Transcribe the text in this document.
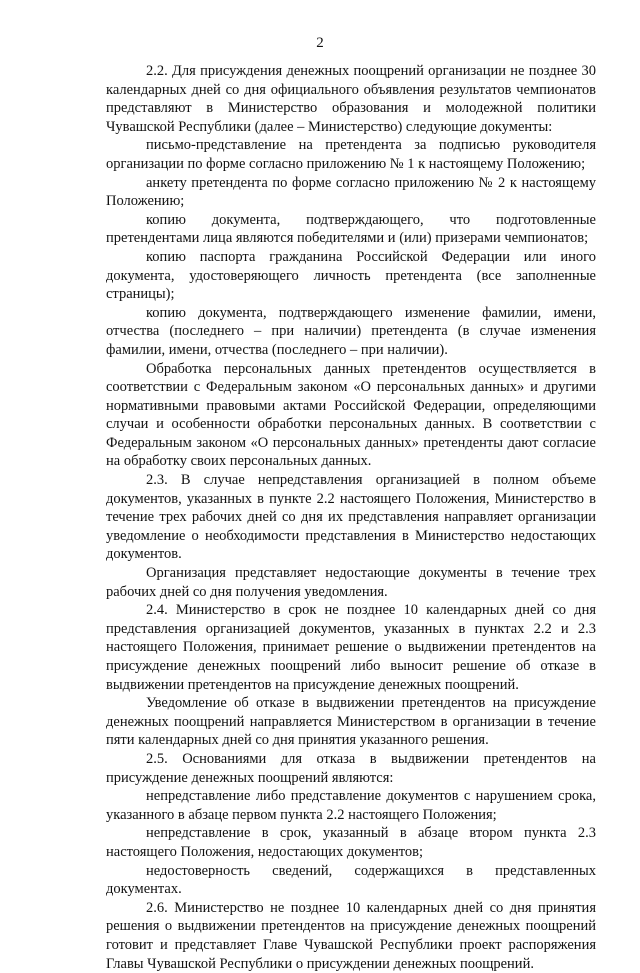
2

2.2. Для присуждения денежных поощрений организации не позднее 30 календарных дней со дня официального объявления результатов чемпионатов представляют в Министерство образования и молодежной политики Чувашской Республики (далее – Министерство) следующие документы:

письмо-представление на претендента за подписью руководителя организации по форме согласно приложению № 1 к настоящему Положению;

анкету претендента по форме согласно приложению № 2 к настоящему Положению;

копию документа, подтверждающего, что подготовленные претендентами лица являются победителями и (или) призерами чемпионатов;

копию паспорта гражданина Российской Федерации или иного документа, удостоверяющего личность претендента (все заполненные страницы);

копию документа, подтверждающего изменение фамилии, имени, отчества (последнего – при наличии) претендента (в случае изменения фамилии, имени, отчества (последнего – при наличии).

Обработка персональных данных претендентов осуществляется в соответствии с Федеральным законом «О персональных данных» и другими нормативными правовыми актами Российской Федерации, определяющими случаи и особенности обработки персональных данных. В соответствии с Федеральным законом «О персональных данных» претенденты дают согласие на обработку своих персональных данных.

2.3. В случае непредставления организацией в полном объеме документов, указанных в пункте 2.2 настоящего Положения, Министерство в течение трех рабочих дней со дня их представления направляет организации уведомление о необходимости представления в Министерство недостающих документов.

Организация представляет недостающие документы в течение трех рабочих дней со дня получения уведомления.

2.4. Министерство в срок не позднее 10 календарных дней со дня представления организацией документов, указанных в пунктах 2.2 и 2.3 настоящего Положения, принимает решение о выдвижении претендентов на присуждение денежных поощрений либо выносит решение об отказе в выдвижении претендентов на присуждение денежных поощрений.

Уведомление об отказе в выдвижении претендентов на присуждение денежных поощрений направляется Министерством в организации в течение пяти календарных дней со дня принятия указанного решения.

2.5. Основаниями для отказа в выдвижении претендентов на присуждение денежных поощрений являются:

непредставление либо представление документов с нарушением срока, указанного в абзаце первом пункта 2.2 настоящего Положения;

непредставление в срок, указанный в абзаце втором пункта 2.3 настоящего Положения, недостающих документов;

недостоверность сведений, содержащихся в представленных документах.

2.6. Министерство не позднее 10 календарных дней со дня принятия решения о выдвижении претендентов на присуждение денежных поощрений готовит и представляет Главе Чувашской Республики проект распоряжения Главы Чувашской Республики о присуждении денежных поощрений.
